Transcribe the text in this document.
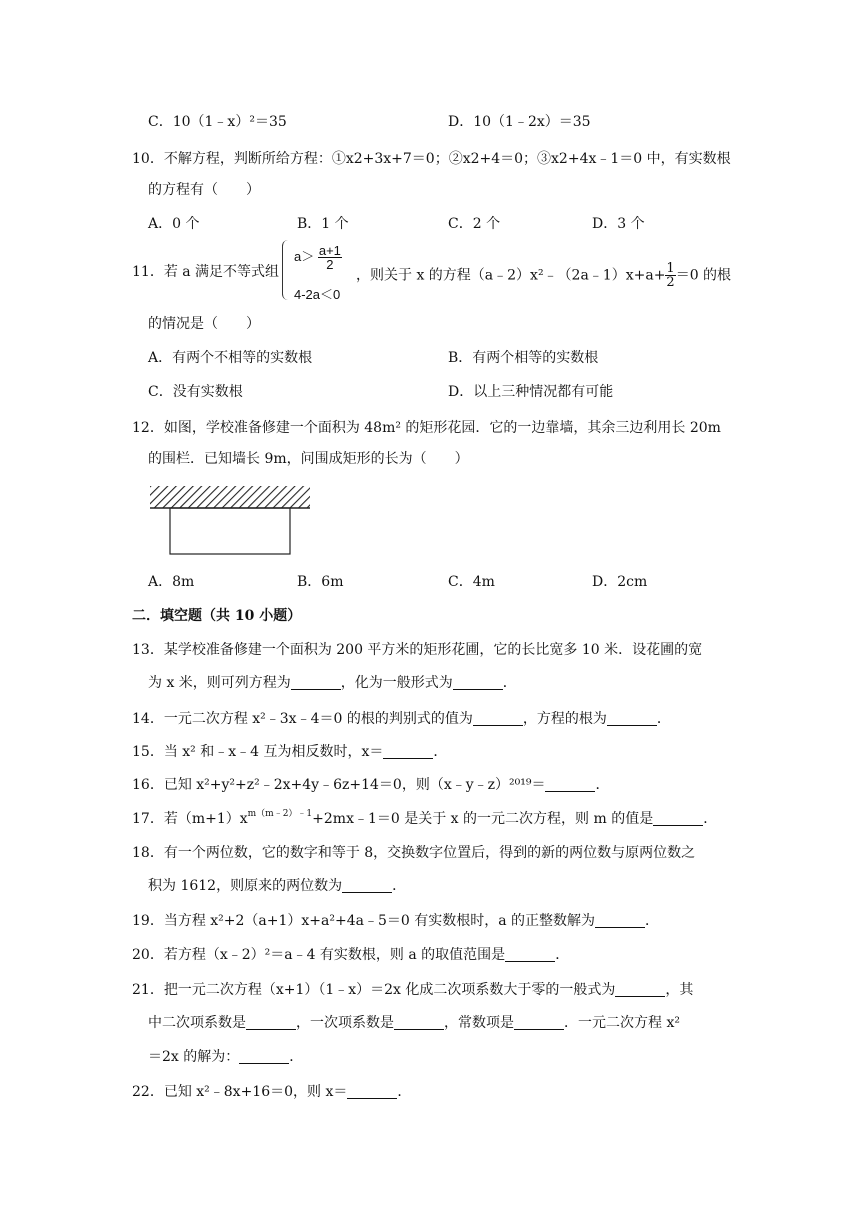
C．10（1﹣x）²＝35	D．10（1﹣2x）＝35
10．不解方程，判断所给方程：①x2+3x+7＝0；②x2+4＝0；③x2+4x﹣1＝0 中，有实数根
的方程有（　　）
A．0 个	B．1 个	C．2 个	D．3 个
11．若 a 满足不等式组
$a> \frac{a+1}{2}$
4-2a＜0
，则关于 x 的方程（a﹣2）x²﹣（2a﹣1）x+a+ $\frac{1}{2} =0$ 的根
的情况是（　　）
A．有两个不相等的实数根	B．有两个相等的实数根
C．没有实数根	D．以上三种情况都有可能
12．如图，学校准备修建一个面积为 48m² 的矩形花园．它的一边靠墙，其余三边利用长 20m
的围栏．已知墙长 9m，问围成矩形的长为（　　）
A．8m	B．6m	C．4m	D．2cm
二．填空题（共 10 小题）
13．某学校准备修建一个面积为 200 平方米的矩形花圃，它的长比宽多 10 米．设花圃的宽
为 x 米，则可列方程为	，化为一般形式为	．
14．一元二次方程 x²﹣3x﹣4＝0 的根的判别式的值为	，方程的根为	．
15．当 x² 和﹣x﹣4 互为相反数时，x＝	．
16．已知 x²+y²+z²﹣2x+4y﹣6z+14＝0，则（x﹣y﹣z）²⁰¹⁹＝	．
17．若$(m+1)x^{m(m﹣2)﹣1}+2mx﹣1=0$ 是关于 x 的一元二次方程，则 m 的值是	．
18．有一个两位数，它的数字和等于 8，交换数字位置后，得到的新的两位数与原两位数之
积为 1612，则原来的两位数为	．
19．当方程 x²+2（a+1）x+a²+4a﹣5＝0 有实数根时，a 的正整数解为	．
20．若方程（x﹣2）²＝a﹣4 有实数根，则 a 的取值范围是	．
21．把一元二次方程（x+1）（1﹣x）＝2x 化成二次项系数大于零的一般式为	，其
中二次项系数是	，一次项系数是	，常数项是	．一元二次方程 x²
＝2x 的解为：	．
22．已知 x²﹣8x+16＝0，则 x＝	．
